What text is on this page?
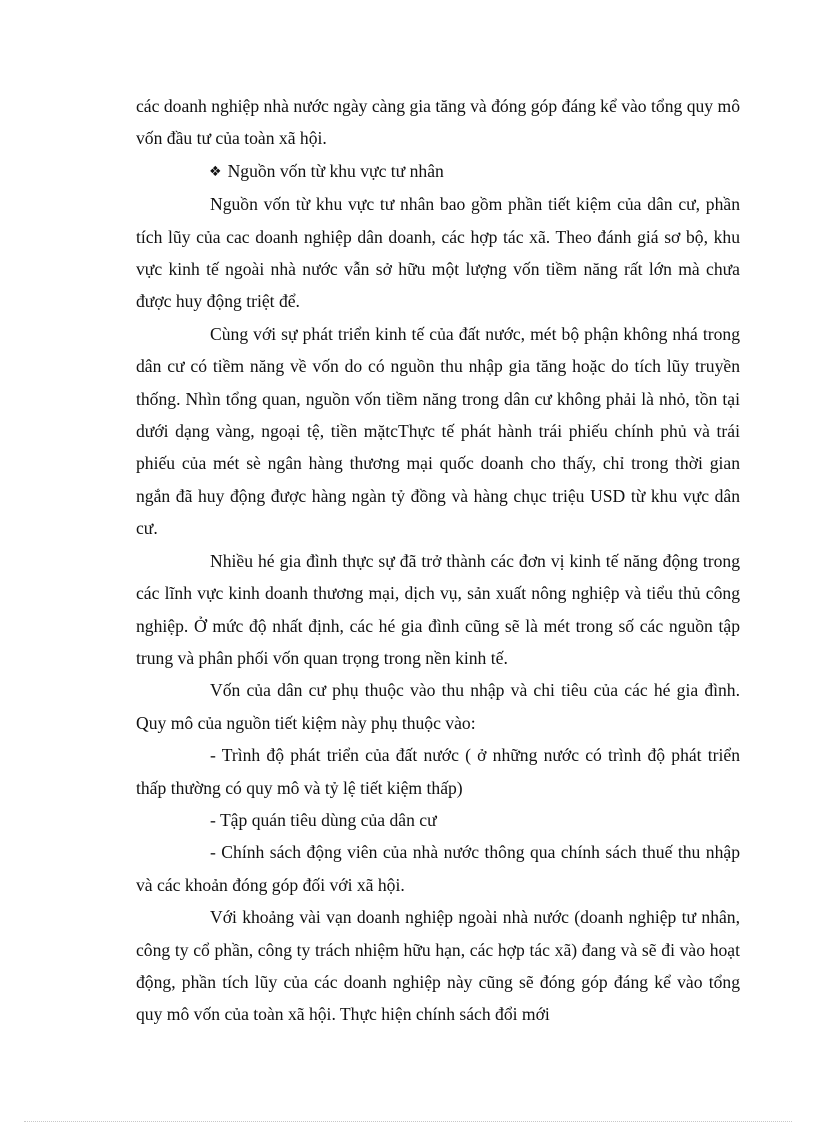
các doanh nghiệp nhà nước ngày càng gia tăng và đóng góp đáng kể vào tổng quy mô vốn đầu tư của toàn xã hội.

❖ Nguồn vốn từ khu vực tư nhân

Nguồn vốn từ khu vực tư nhân bao gồm phần tiết kiệm của dân cư, phần tích lũy của cac doanh nghiệp dân doanh, các hợp tác xã. Theo đánh giá sơ bộ, khu vực kinh tế ngoài nhà nước vẫn sở hữu một lượng vốn tiềm năng rất lớn mà chưa được huy động triệt để.

Cùng với sự phát triển kinh tế của đất nước, mét bộ phận không nhá trong dân cư có tiềm năng về vốn do có nguồn thu nhập gia tăng hoặc do tích lũy truyền thống. Nhìn tổng quan, nguồn vốn tiềm năng trong dân cư không phải là nhỏ, tồn tại dưới dạng vàng, ngoại tệ, tiền mặtcThực tế phát hành trái phiếu chính phủ và trái phiếu của mét sè ngân hàng thương mại quốc doanh cho thấy, chỉ trong thời gian ngắn đã huy động được hàng ngàn tỷ đồng và hàng chục triệu USD từ khu vực dân cư.

Nhiều hé gia đình thực sự đã trở thành các đơn vị kinh tế năng động trong các lĩnh vực kinh doanh thương mại, dịch vụ, sản xuất nông nghiệp và tiểu thủ công nghiệp. Ở mức độ nhất định, các hé gia đình cũng sẽ là mét trong số các nguồn tập trung và phân phối vốn quan trọng trong nền kinh tế.

Vốn của dân cư phụ thuộc vào thu nhập và chi tiêu của các hé gia đình. Quy mô của nguồn tiết kiệm này phụ thuộc vào:

- Trình độ phát triển của đất nước ( ở những nước có trình độ phát triển thấp thường có quy mô và tỷ lệ tiết kiệm thấp)

- Tập quán tiêu dùng của dân cư

- Chính sách động viên của nhà nước thông qua chính sách thuế thu nhập và các khoản đóng góp đối với xã hội.

Với khoảng vài vạn doanh nghiệp ngoài nhà nước (doanh nghiệp tư nhân, công ty cổ phần, công ty trách nhiệm hữu hạn, các hợp tác xã) đang và sẽ đi vào hoạt động, phần tích lũy của các doanh nghiệp này cũng sẽ đóng góp đáng kể vào tổng quy mô vốn của toàn xã hội. Thực hiện chính sách đổi mới
